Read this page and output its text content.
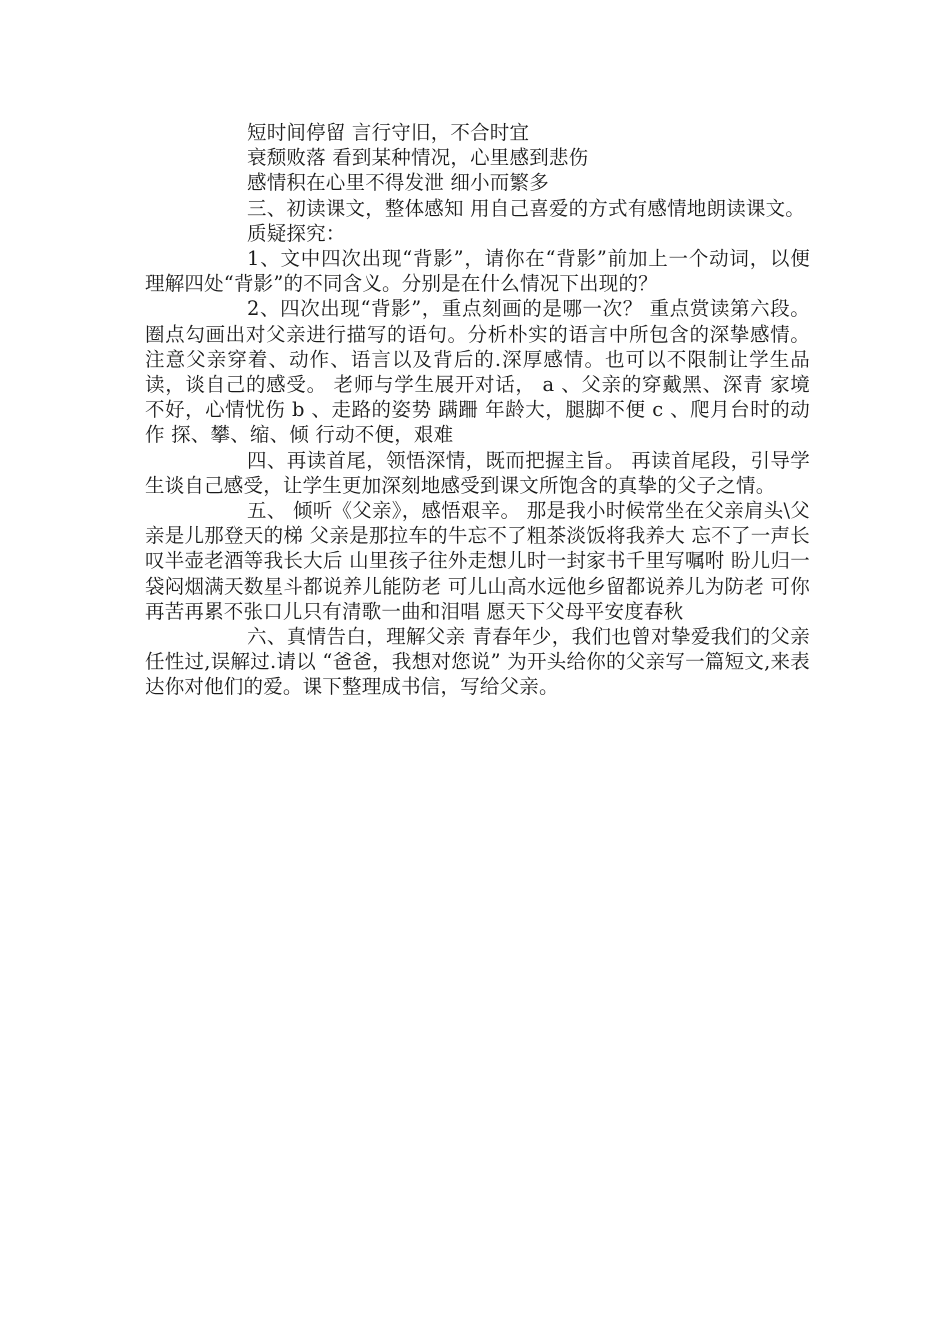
短时间停留 言行守旧，不合时宜
衰颓败落 看到某种情况，心里感到悲伤
感情积在心里不得发泄 细小而繁多

三、初读课文，整体感知 用自己喜爱的方式有感情地朗读课文。

质疑探究：

1、文中四次出现“背影”，请你在“背影”前加上一个动词，以便理解四处“背影”的不同含义。分别是在什么情况下出现的？

2、四次出现“背影”，重点刻画的是哪一次？ 重点赏读第六段。圈点勾画出对父亲进行描写的语句。分析朴实的语言中所包含的深挚感情。 注意父亲穿着、动作、语言以及背后的.深厚感情。也可以不限制让学生品读，谈自己的感受。 老师与学生展开对话， a 、父亲的穿戴黑、深青 家境不好，心情忧伤 b 、走路的姿势 蹒跚 年龄大，腿脚不便 c 、爬月台时的动作 探、攀、缩、倾 行动不便，艰难

四、再读首尾，领悟深情，既而把握主旨。 再读首尾段，引导学生谈自己感受，让学生更加深刻地感受到课文所饱含的真挚的父子之情。

五、 倾听《父亲》，感悟艰辛。 那是我小时候常坐在父亲肩头\父亲是儿那登天的梯 父亲是那拉车的牛忘不了粗茶淡饭将我养大 忘不了一声长叹半壶老酒等我长大后 山里孩子往外走想儿时一封家书千里写嘱咐 盼儿归一袋闷烟满天数星斗都说养儿能防老 可儿山高水远他乡留都说养儿为防老 可你再苦再累不张口儿只有清歌一曲和泪唱 愿天下父母平安度春秋

六、真情告白，理解父亲 青春年少，我们也曾对挚爱我们的父亲任性过,误解过.请以 “爸爸，我想对您说” 为开头给你的父亲写一篇短文,来表达你对他们的爱。课下整理成书信，写给父亲。
